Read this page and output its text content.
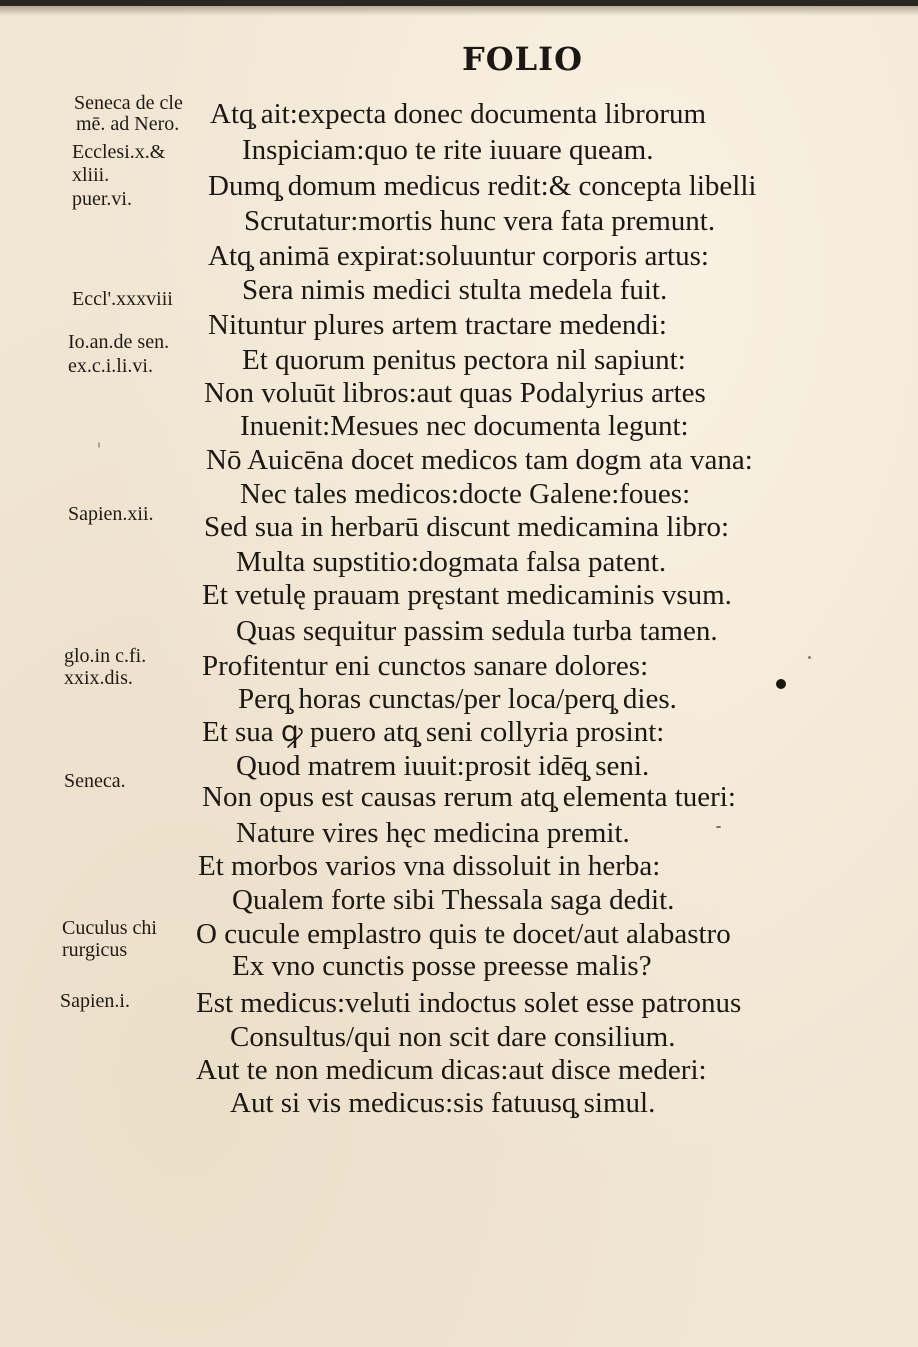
FOLIO
Seneca de cle
mē. ad Nero.
Ecclesi.x.&
xliii.
puer.vi.
Eccl'.xxxviii
Io.an.de sen.
ex.c.i.li.vi.
Sapien.xii.
glo.in c.fi.
xxix.dis.
Seneca.
Cuculus chi
rurgicus
Sapien.i.
Atq̧ ait:expecta donec documenta librorum
Inspiciam:quo te rite iuuare queam.
Dumq̧ domum medicus redit:& concepta libelli
Scrutatur:mortis hunc vera fata premunt.
Atq̧ animā expirat:soluuntur corporis artus:
Sera nimis medici stulta medela fuit.
Nituntur plures artem tractare medendi:
Et quorum penitus pectora nil sapiunt:
Non voluūt libros:aut quas Podalyrius artes
Inuenit:Mesues nec documenta legunt:
Nō Auicēna docet medicos tam dogm ata vana:
Nec tales medicos:docte Galene:foues:
Sed sua in herbarū discunt medicamina libro:
Multa supstitio:dogmata falsa patent.
Et vetulę prauam pręstant medicaminis vsum.
Quas sequitur passim sedula turba tamen.
Profitentur eni cunctos sanare dolores:
Perq̧ horas cunctas/per loca/perq̧ dies.
Et sua ꝙ puero atq̧ seni collyria prosint:
Quod matrem iuuit:prosit idēq̧ seni.
Non opus est causas rerum atq̧ elementa tueri:
Nature vires hęc medicina premit.
Et morbos varios vna dissoluit in herba:
Qualem forte sibi Thessala saga dedit.
O cucule emplastro quis te docet/aut alabastro
Ex vno cunctis posse preesse malis?
Est medicus:veluti indoctus solet esse patronus
Consultus/qui non scit dare consilium.
Aut te non medicum dicas:aut disce mederi:
Aut si vis medicus:sis fatuusq̧ simul.
